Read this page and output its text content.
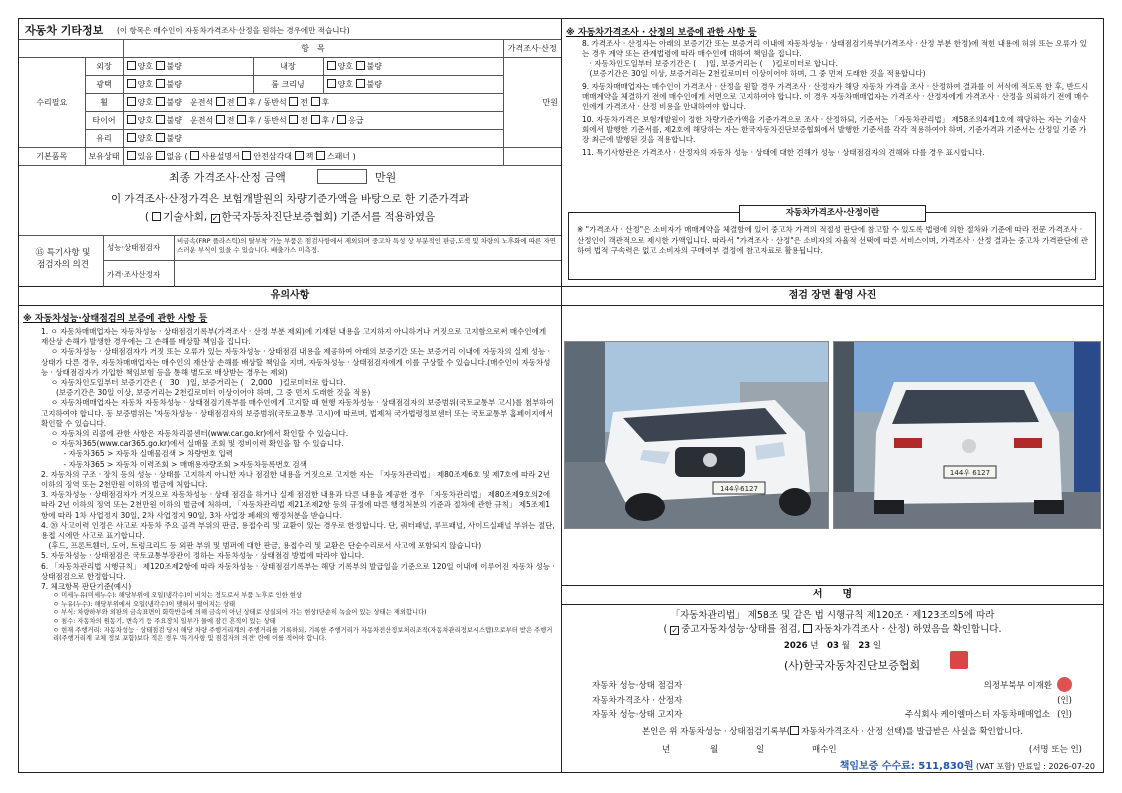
자동차 기타정보 (이 항목은 매수인이 자동차가격조사·산정을 원하는 경우에만 적습니다)
		항　목			가격조사·산정
수리필요	외장	양호 불량	내장	양호 불량	만원
	광택	양호 불량	룸 크리닝	양호 불량	
	휠	양호 불량　 운전석 전 후 / 동반석 전 후			
	타이어	양호 불량　 운전석 전 후 / 동반석 전 후 / 응급			
	유리	양호 불량			
기본품목	보유상태	있음 없음 ( 사용설명서 안전삼각대 잭 스패너 )			
최종 가격조사·산정 금액	만원
이 가격조사·산정가격은 보험개발원의 차량기준가액을 바탕으로 한 기준가격과
( 기술사회, ✓ 한국자동차진단보증협회) 기준서를 적용하였음
⑮ 특기사항 및
점검자의 의견
성능·상태점검자
비금속(FRP 플라스틱)의 탈부착 가능 부품은 점검사항에서 제외되며 중고차 특성 상 부분적인 판금,도색 및 차량의 노후화에 따른 자연스러운 부식이 있을 수 있습니다. 배출가스 미측정.
가격·조사산정자
※ 자동차가격조사 · 산정의 보증에 관한 사항 등

8. 가격조사 · 산정자는 아래의 보증기간 또는 보증거리 이내에 자동차성능 · 상태점검기록부(가격조사 · 산정 부분 한정)에 적힌 내용에 허위 또는 오류가 있는 경우 계약 또는 관계법령에 따라 매수인에 대하여 책임을 집니다.

　· 자동차인도일부터 보증기간은 (　 )일, 보증거리는 (　 )킬로미터로 합니다.

　(보증기간은 30일 이상, 보증거리는 2천킬로미터 이상이어야 하며, 그 중 먼저 도래한 것을 적용합니다)

9. 자동차매매업자는 매수인이 가격조사 · 산정을 원할 경우 가격조사 · 산정자가 해당 자동차 가격을 조사 · 산정하여 결과를 이 서식에 적도록 한 후, 반드시 매매계약을 체결하기 전에 매수인에게 서면으로 고지하여야 합니다. 이 경우 자동차매매업자는 가격조사 · 산정자에게 가격조사 · 산정을 의뢰하기 전에 매수인에게 가격조사 · 산정 비용을 안내하여야 합니다.

10. 자동차가격은 보험개발원이 정한 차량기준가액을 기준가격으로 조사 · 산정하되, 기준서는 「자동차관리법」 제58조의4제1호에 해당하는 자는 기술사회에서 발행한 기준서를, 제2호에 해당하는 자는 한국자동차진단보증협회에서 발행한 기준서를 각각 적용하여야 하며, 기준가격과 기준서는 산정일 기준 가장 최근에 발행된 것을 적용합니다.

11. 특기사항란은 가격조사 · 산정자의 자동차 성능 · 상태에 대한 견해가 성능 · 상태점검자의 견해와 다를 경우 표시합니다.

자동차가격조사·산정이란
※ "가격조사 · 산정"은 소비자가 매매계약을 체결함에 있어 중고차 가격의 적절성 판단에 참고할 수 있도록 법령에 의한 절차와 기준에 따라 전문 가격조사 · 산정인이 객관적으로 제시한 가액입니다. 따라서 "가격조사 · 산정"은 소비자의 자율적 선택에 따른 서비스이며, 가격조사 · 산정 결과는 중고차 가격판단에 관하여 법적 구속력은 없고 소비자의 구매여부 결정에 참고자료로 활용됩니다.
유의사항
※ 자동차성능·상태점검의 보증에 관한 사항 등

1. ㅇ 자동차매매업자는 자동차성능 · 상태점검기록부(가격조사 · 산정 부분 제외)에 기재된 내용을 고지하지 아니하거나 거짓으로 고지함으로써 매수인에게 재산상 손해가 발생한 경우에는 그 손해를 배상할 책임을 집니다.

　 ㅇ 자동차성능 · 상태점검자가 거짓 또는 오류가 있는 자동차성능 · 상태점검 내용을 제공하여 아래의 보증기간 또는 보증거리 이내에 자동차의 실제 성능 · 상태가 다른 경우, 자동차매매업자는 매수인의 재산상 손해를 배상할 책임을 지며, 자동차성능 · 상태점검자에게 이를 구상할 수 있습니다.(매수인이 자동차성능 · 상태점검자가 가입한 책임보험 등을 통해 별도로 배상받는 경우는 제외)

　 ㅇ 자동차인도일부터 보증기간은 (　30　)일, 보증거리는 (　2,000　)킬로미터로 합니다.

　　(보증기간은 30일 이상, 보증거리는 2천킬로미터 이상이어야 하며, 그 중 먼저 도래한 것을 적용)

　 ㅇ 자동차매매업자는 자동차 자동차성능 · 상태점검기록부를 매수인에게 고지할 때 현행 자동차성능 · 상태점검자의 보증범위(국토교통부 고시)를 첨부하여 고지하여야 합니다. 동 보증범위는 '자동차성능 · 상태점검자의 보증범위(국토교통부 고시)에 따르며, 법제처 국가법령정보센터 또는 국토교통부 홈페이지에서 확인할 수 있습니다.

　 ㅇ 자동차의 리콜에 관한 사항은 자동차리콜센터(www.car.go.kr)에서 확인할 수 있습니다.

　 ㅇ 자동차365(www.car365.go.kr)에서 실매물 조회 및 정비이력 확인을 할 수 있습니다.

　　　- 자동차365 > 자동차 실매물검색 > 차량번호 입력

　　　- 자동차365 > 자동차 이력조회 > 매매용자량조회 >자동차등록번호 검색

2. 자동차의 구조 · 장치 등의 성능 · 상태를 고지하지 아니한 자나 점검한 내용을 거짓으로 고지한 자는 「자동차관리법」 제80조제6호 및 제7호에 따라 2년 이하의 징역 또는 2천만원 이하의 벌금에 처합니다.

3. 자동차성능 · 상태점검자가 거짓으로 자동차성능 · 상태 점검을 하거나 실제 점검한 내용과 다른 내용을 제공한 경우 「자동차관리법」 제80조제9호의2에 따라 2년 이하의 징역 또는 2천만원 이하의 벌금에 처하며, 「자동차관리법 제21조제2항 등의 규정에 따른 행정처분의 기준과 절차에 관한 규칙」 제5조제1항에 따라 1차 사업정지 30일, 2차 사업정지 90일, 3차 사업장 폐쇄의 행정처분을 받습니다.

4. ⑳ 사고이력 인정은 사고로 자동차 주요 골격 부위의 판금, 용접수리 및 교환이 있는 경우로 한정합니다. 단, 쿼터패널, 루프패널, 사이드실패널 부위는 절단, 용접 시에만 사고로 표기합니다.

　(후드, 프론트휀더, 도어, 트렁크리드 등 외판 부위 및 범퍼에 대한 판금, 용접수리 및 교환은 단순수리로서 사고에 포함되지 않습니다)

5. 자동차성능 · 상태점검은 국토교통부장관이 정하는 자동차성능 · 상태점검 방법에 따라야 합니다.

6. 「자동차관리법 시행규칙」 제120조제2항에 따라 자동차성능 · 상태점검기록부는 해당 기록부의 발급일을 기준으로 120일 이내에 이루어진 자동차 성능 · 상태점검으로 한정합니다.

7. 체크항목 판단기준(예시)

ㅇ 미세누유(미세누수): 해당부위에 오일(냉각수)이 비치는 정도로서 부품 노후로 인한 현상

ㅇ 누유(누수): 해당부위에서 오일(냉각수)이 맺혀서 떨어지는 상태

ㅇ 부식: 차량하부와 외판의 금속표면이 화학반응에 의해 금속이 아닌 상태로 상실되어 가는 현상(단순히 녹슬어 있는 상태는 제외합니다)

ㅇ 침수: 자동차의 원동기, 변속기 등 주요장치 일부가 물에 잠긴 흔적이 있는 상태

ㅇ 현재 주행거리: 자동차성능 · 상태점검 당시 해당 차량 주행거리계의 주행거리를 기록하되, 기록한 주행거리가 자동차전산정보처리조직(자동차관리정보시스템)으로부터 받은 주행거리(주행거리계 교체 정보 포함)보다 적은 경우 '특기사항 및 점검자의 의견' 란에 이를 적어야 합니다.

점검 장면 촬영 사진
144우6127
144우 6127
서　　명
「자동차관리법」 제58조 및 같은 법 시행규칙 제120조 · 제123조의5에 따라
( ✓ 중고자동차성능·상태를 점검, 자동차가격조사 · 산정) 하였음을 확인합니다.
2026 년　 03 월　 23 일
(사)한국자동차진단보증협회
자동차 성능·상태 점검자	의정부북부 이재환
자동차가격조사 · 산정자	(인)
자동차 성능·상태 고지자	주식회사 케이엘마스터 자동차매매업소 (인)
본인은 위 자동차성능 · 상태점검기록부( 자동차가격조사 · 산정 선택)를 발급받은 사실을 확인합니다.
년	월	일	매수인	(서명 또는 인)
책임보증 수수료: 511,830원 (VAT 포함) 만료일 : 2026-07-20
